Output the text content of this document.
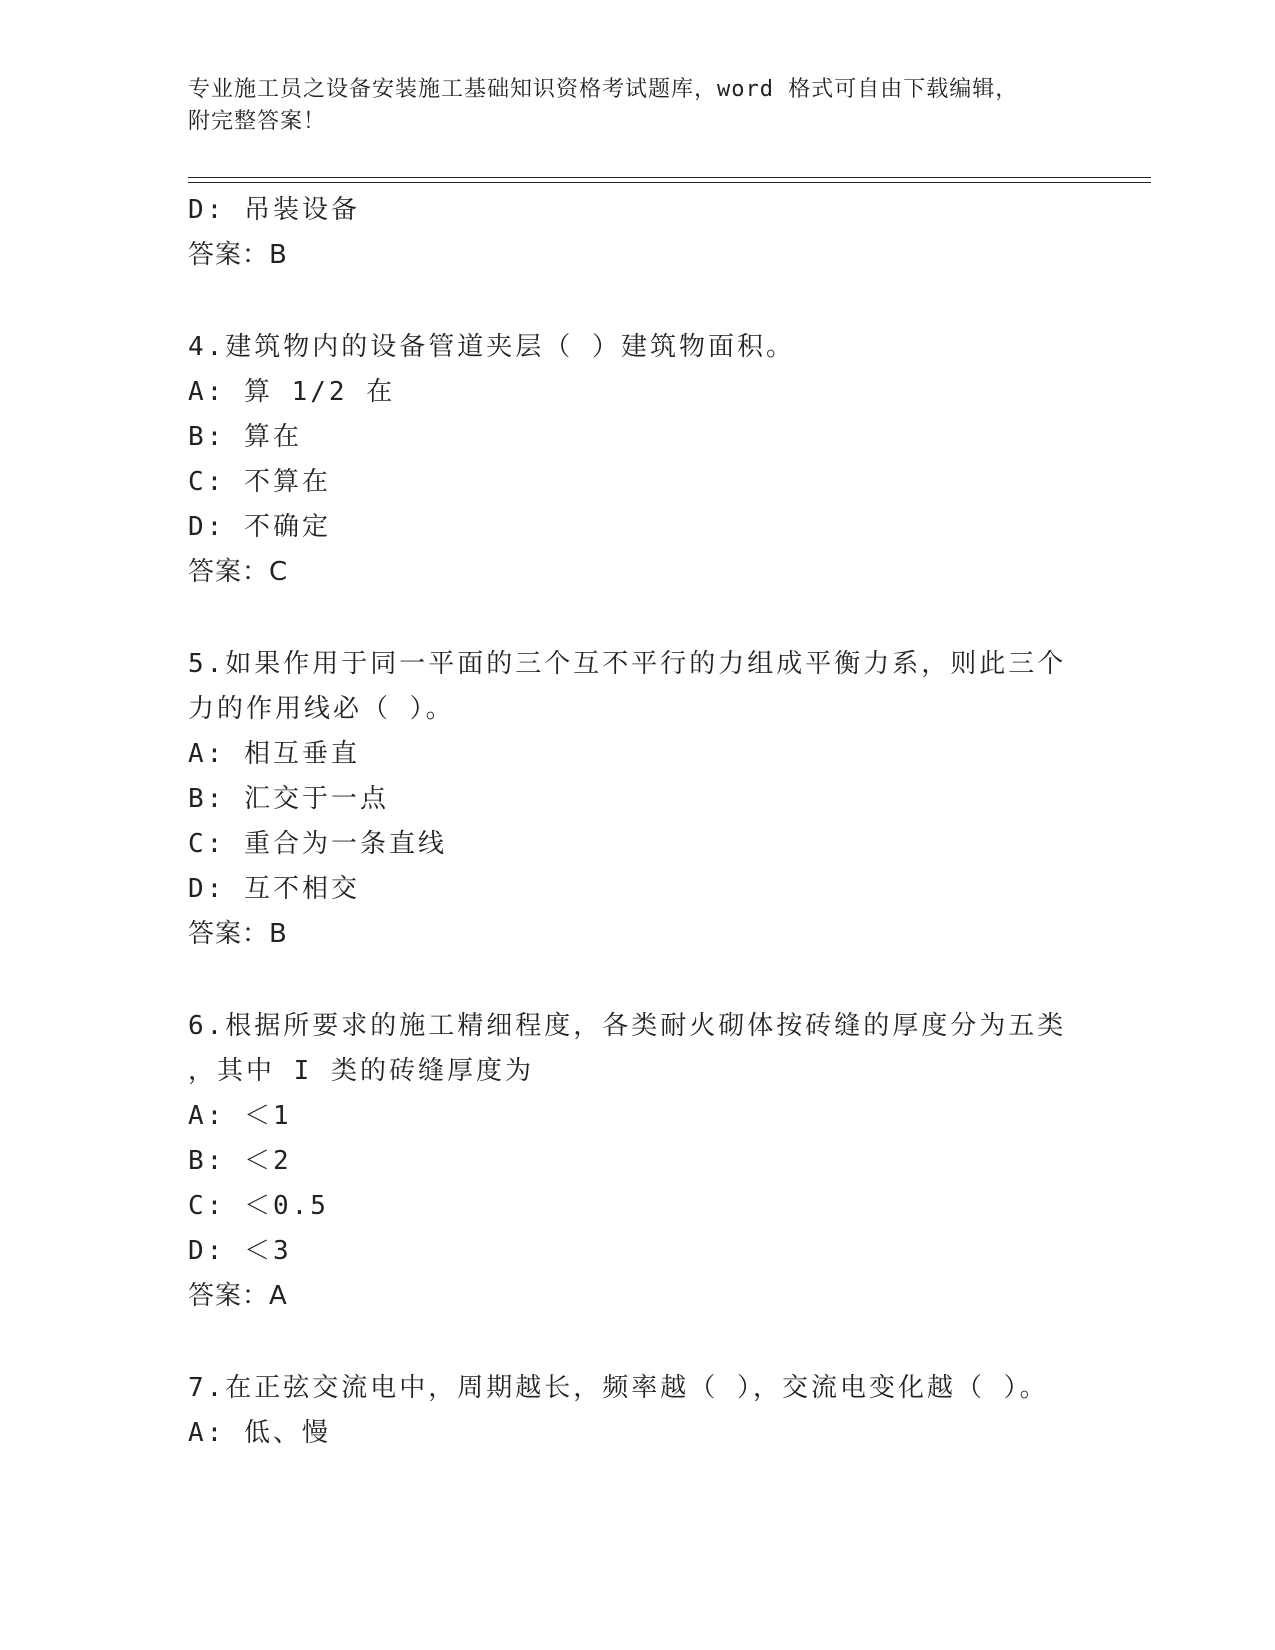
专业施工员之设备安装施工基础知识资格考试题库，word 格式可自由下载编辑，
附完整答案！
D: 吊装设备
答案：B
4.建筑物内的设备管道夹层（ ）建筑物面积。
A: 算 1/2 在
B: 算在
C: 不算在
D: 不确定
答案：C
5.如果作用于同一平面的三个互不平行的力组成平衡力系，则此三个
力的作用线必（ ）。
A: 相互垂直
B: 汇交于一点
C: 重合为一条直线
D: 互不相交
答案：B
6.根据所要求的施工精细程度，各类耐火砌体按砖缝的厚度分为五类
，其中 I 类的砖缝厚度为
A: ＜1
B: ＜2
C: ＜0.5
D: ＜3
答案：A
7.在正弦交流电中，周期越长，频率越（ ），交流电变化越（ ）。
A: 低、慢
